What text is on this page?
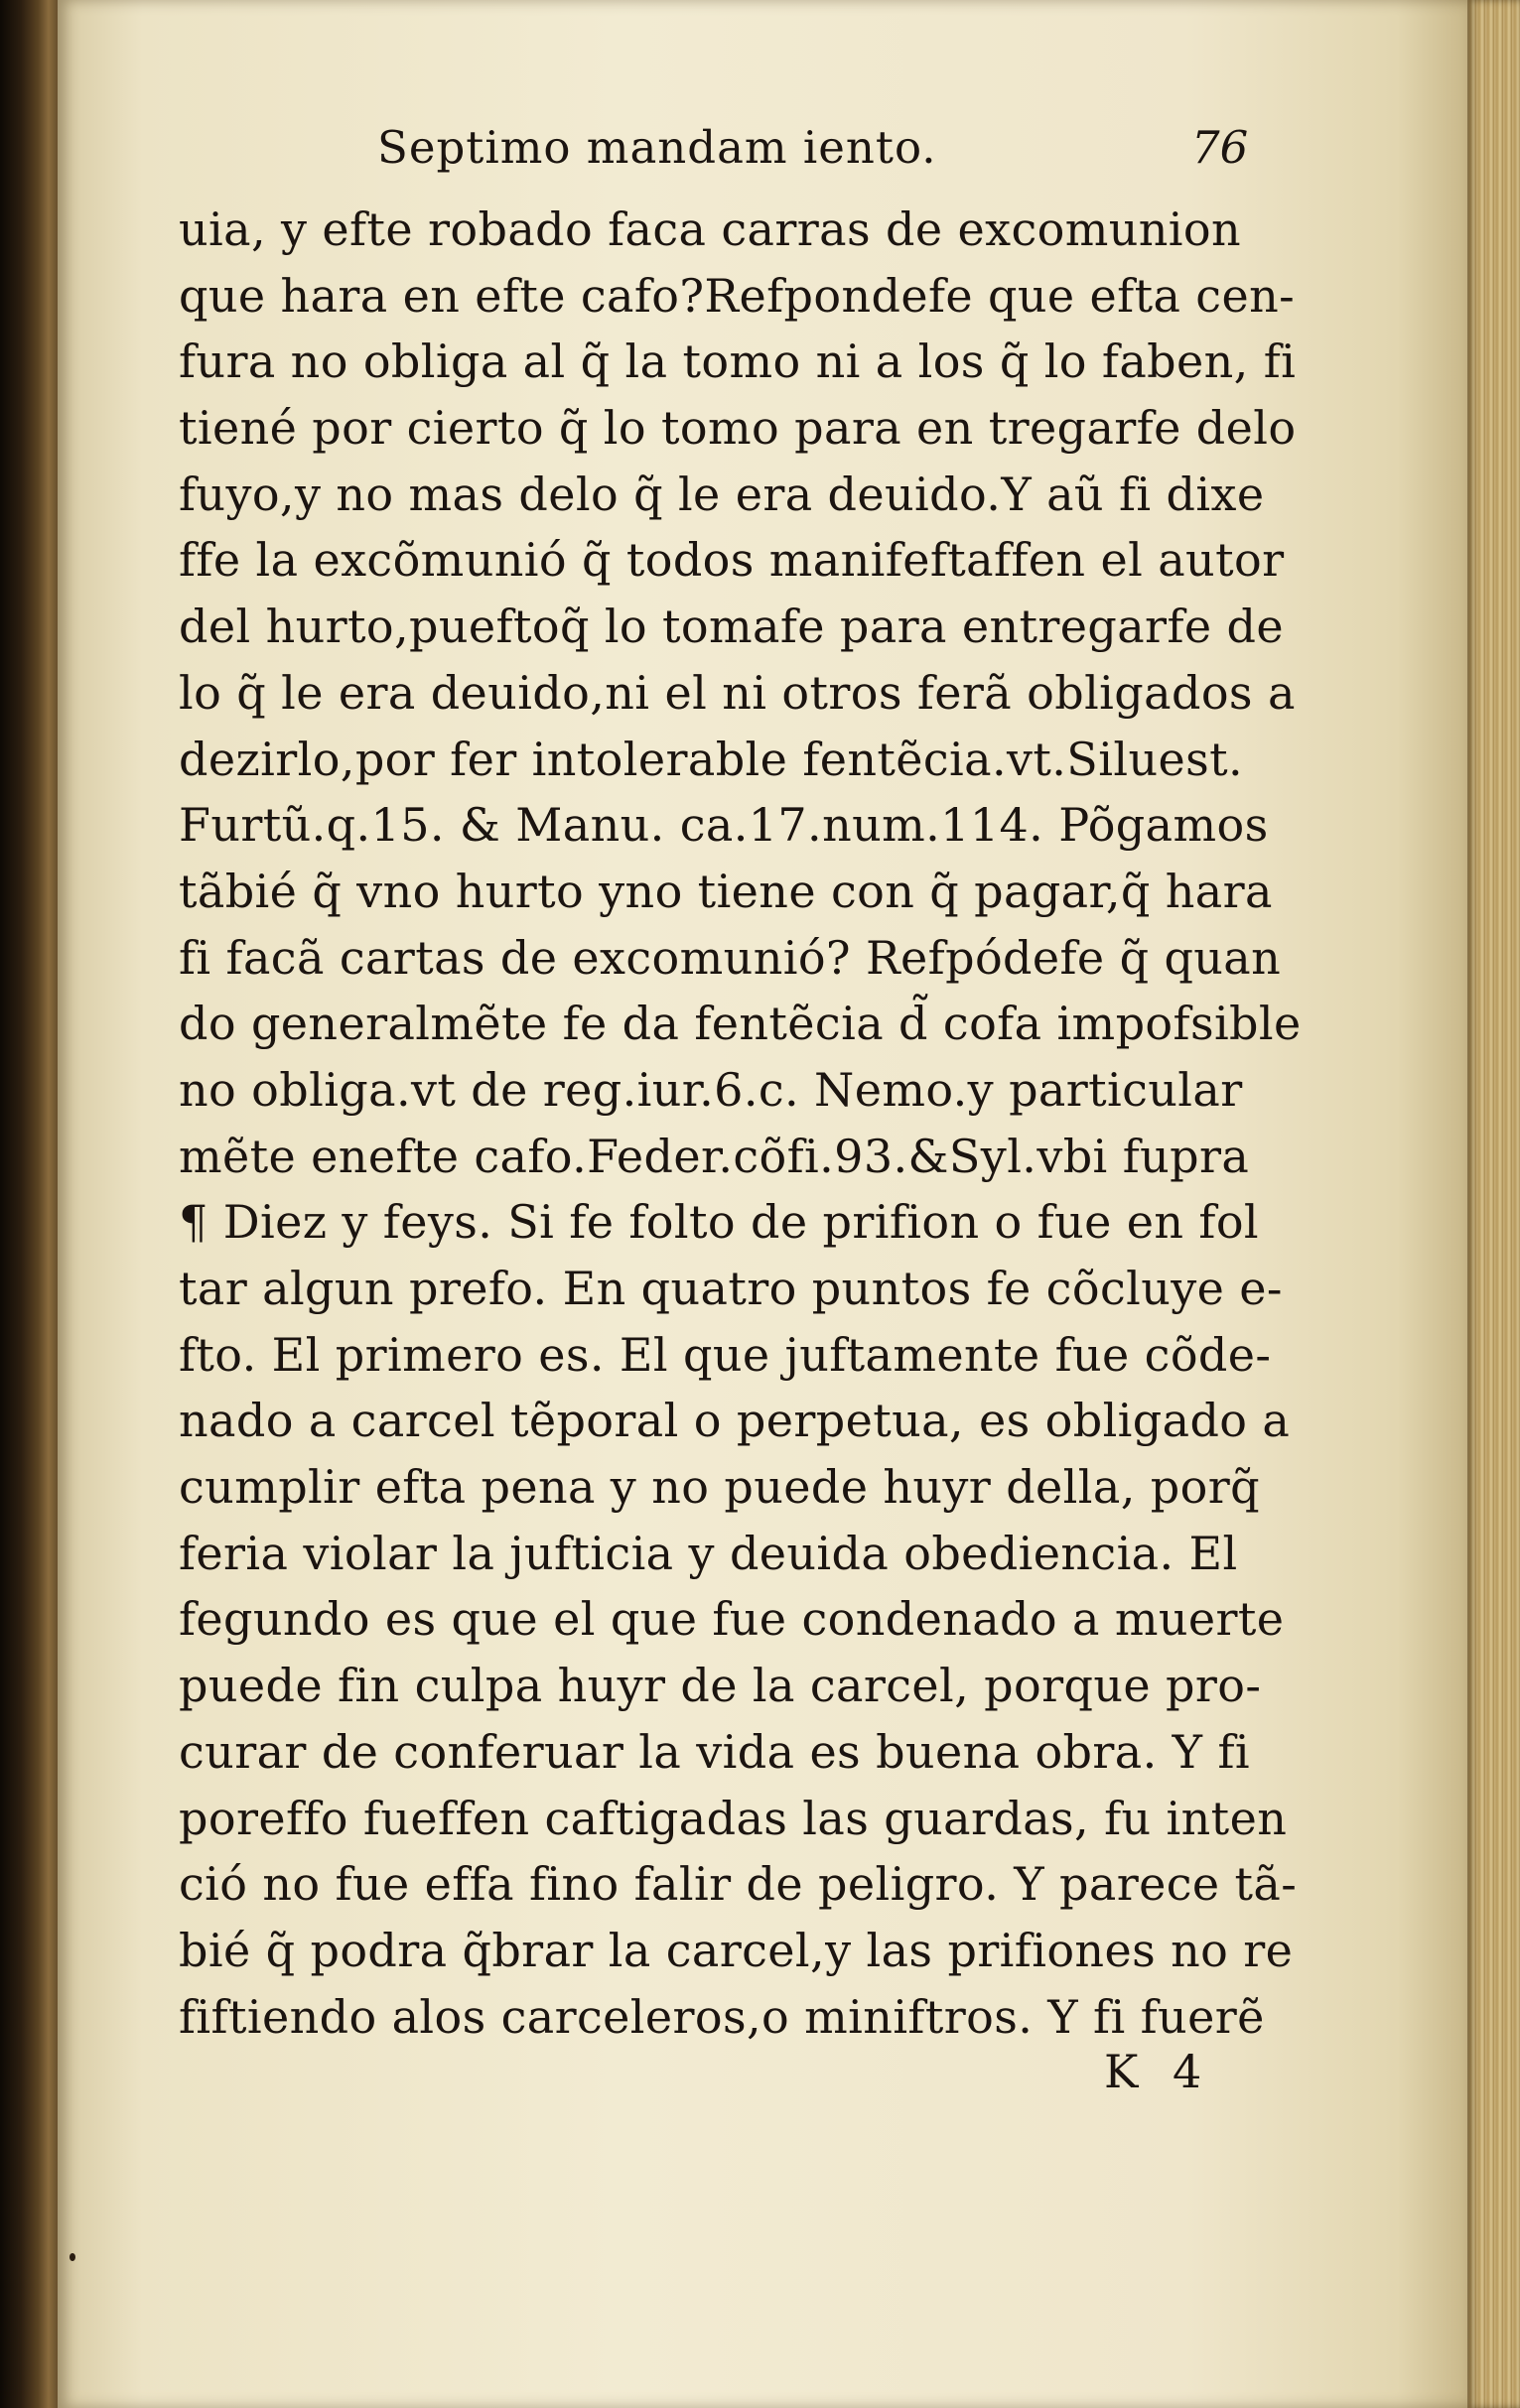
Septimo mandam iento.	76
uia, y efte robado faca carras de excomunion
que hara en efte cafo?Refpondefe que efta cen-
fura no obliga al q̃ la tomo ni a los q̃ lo faben, fi
tiené por cierto q̃ lo tomo para en tregarfe delo
fuyo,y no mas delo q̃ le era deuido.Y aũ fi dixe
ffe la excõmunió q̃ todos manifeftaffen el autor
del hurto,pueftoq̃ lo tomafe para entregarfe de
lo q̃ le era deuido,ni el ni otros ferã obligados a
dezirlo,por fer intolerable fentẽcia.vt.Siluest.
Furtũ.q.15. & Manu. ca.17.num.114. Põgamos
tãbié q̃ vno hurto yno tiene con q̃ pagar,q̃ hara
fi facã cartas de excomunió? Refpódefe q̃ quan
do generalmẽte fe da fentẽcia d̃ cofa impofsible
no obliga.vt de reg.iur.6.c. Nemo.y particular
mẽte enefte cafo.Feder.cõfi.93.&Syl.vbi fupra
¶ Diez y feys. Si fe folto de prifion o fue en fol
tar algun prefo. En quatro puntos fe cõcluye e-
fto. El primero es. El que juftamente fue cõde-
nado a carcel tẽporal o perpetua, es obligado a
cumplir efta pena y no puede huyr della, porq̃
feria violar la jufticia y deuida obediencia. El
fegundo es que el que fue condenado a muerte
puede fin culpa huyr de la carcel, porque pro-
curar de conferuar la vida es buena obra. Y fi
poreffo fueffen caftigadas las guardas, fu inten
ció no fue effa fino falir de peligro. Y parece tã-
bié q̃ podra q̃brar la carcel,y las prifiones no re
fiftiendo alos carceleros,o miniftros. Y fi fuerẽ
K 4
